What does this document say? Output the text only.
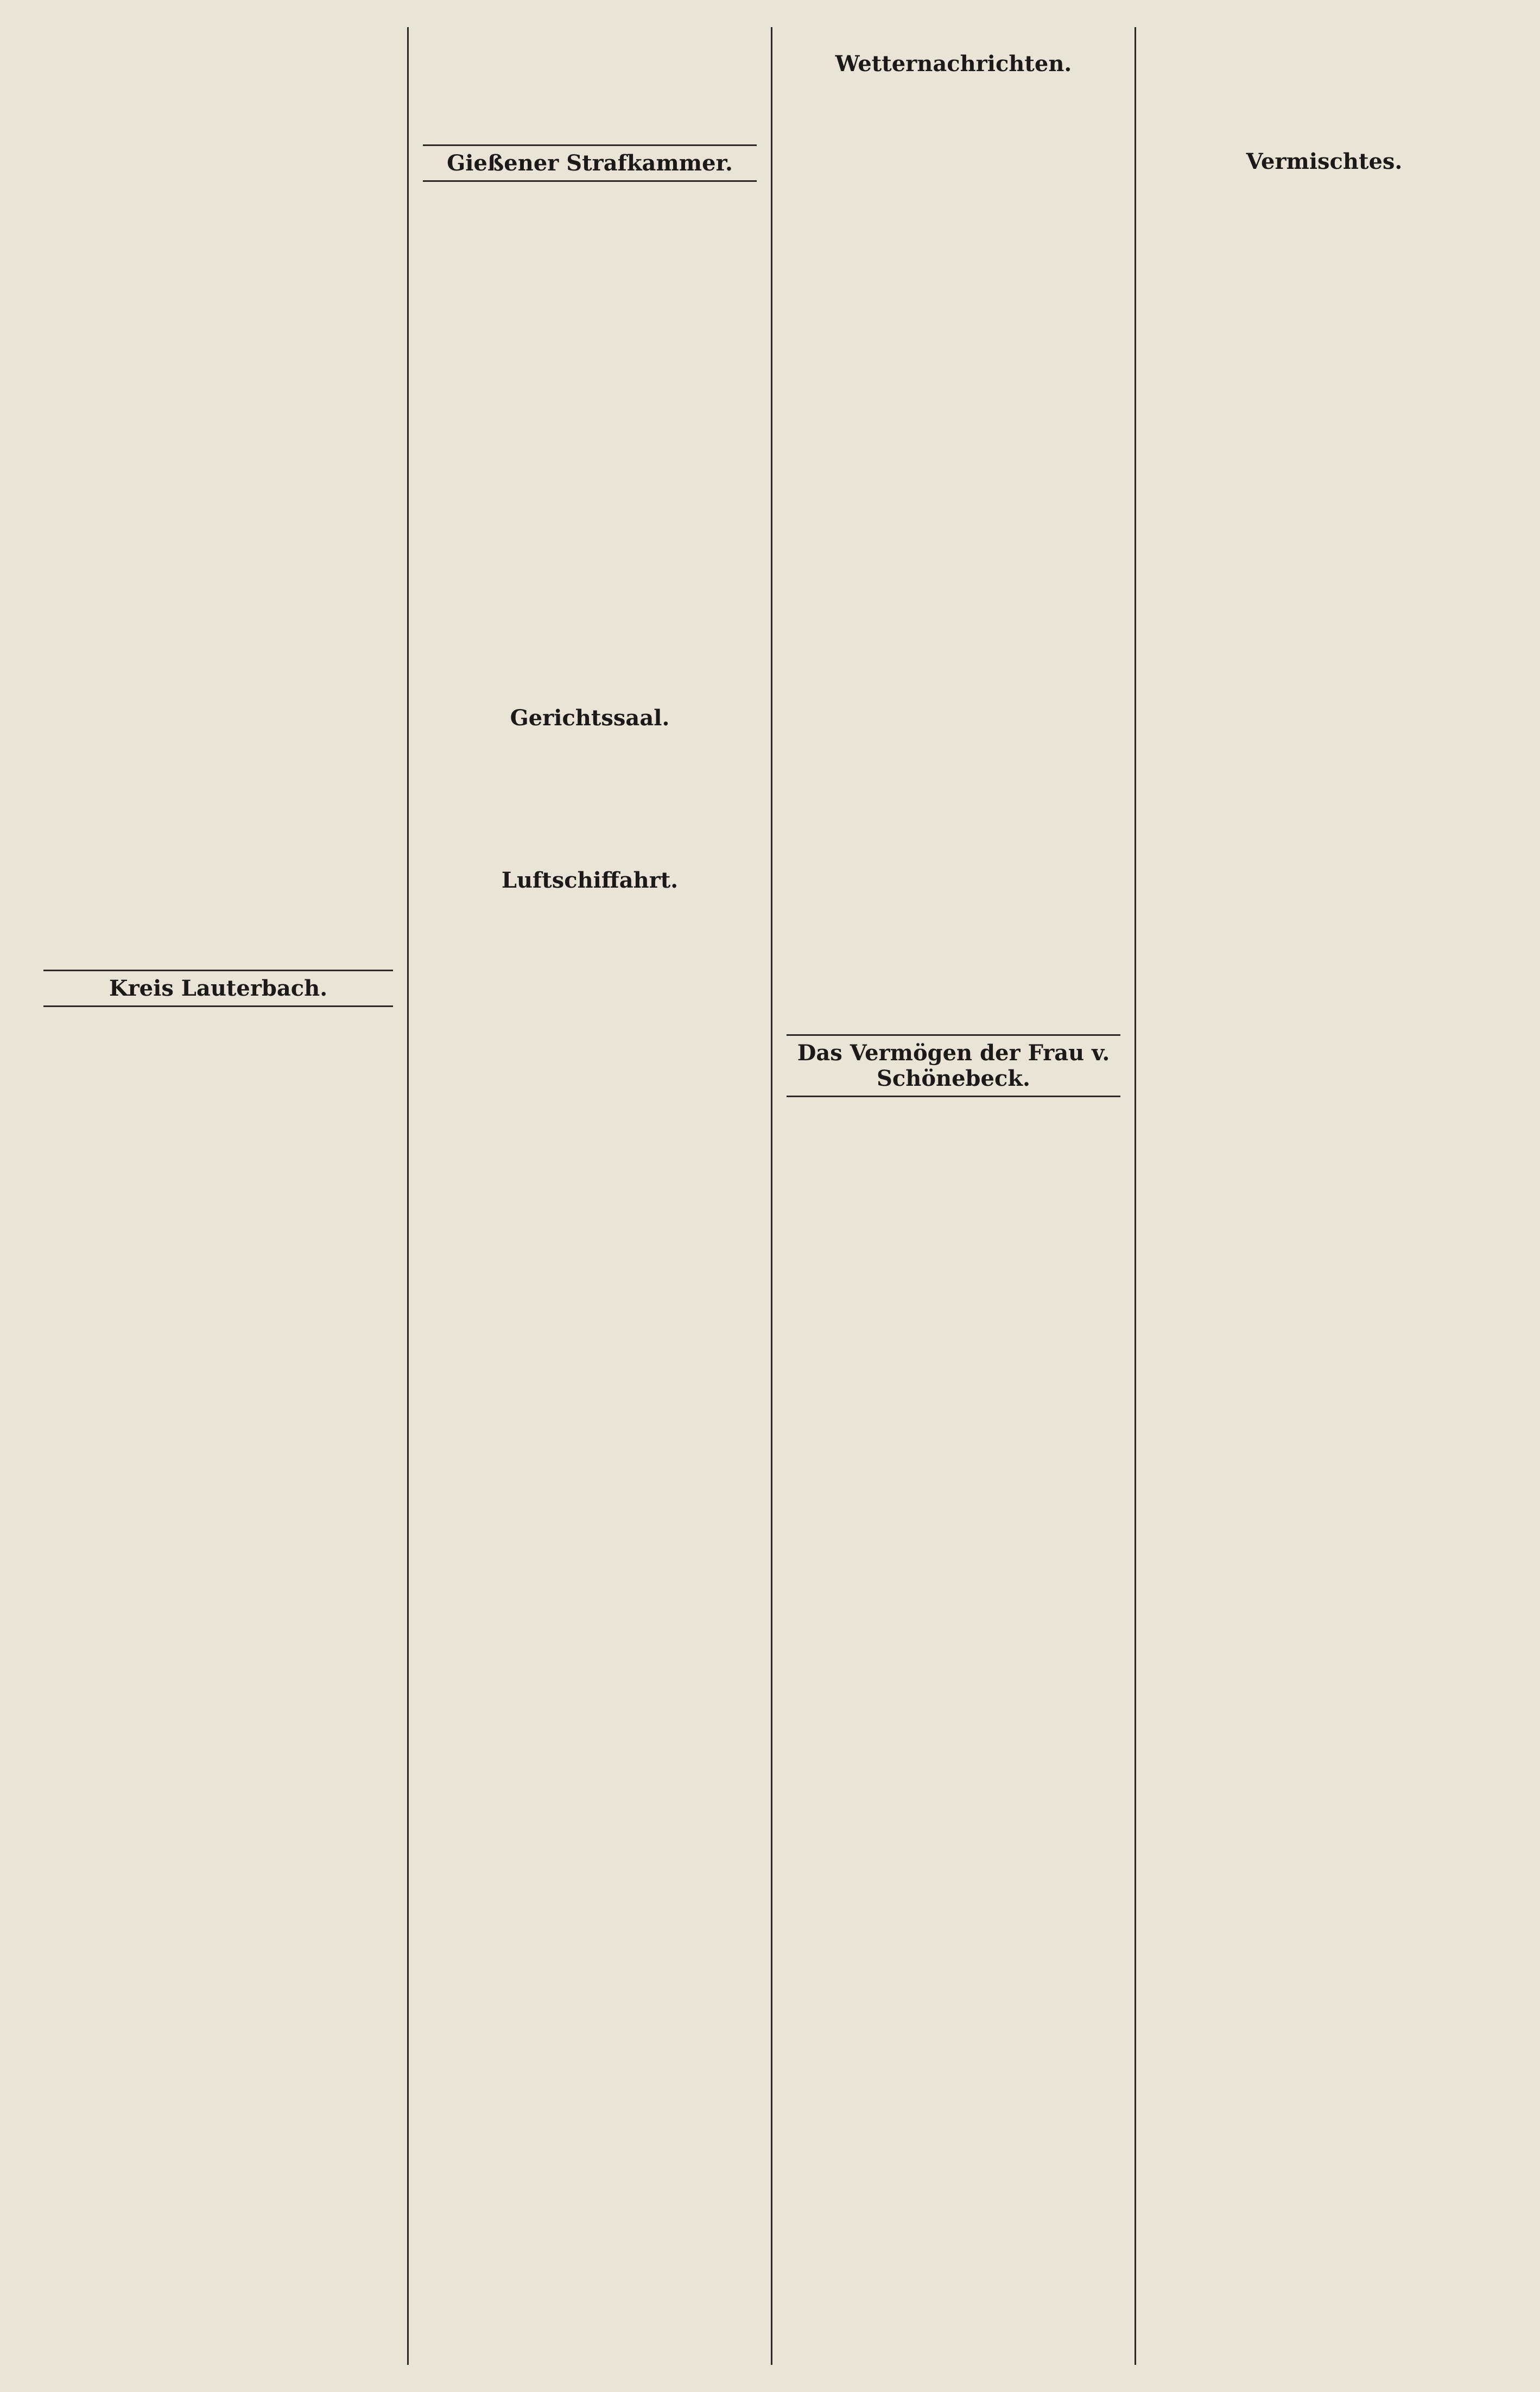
Kreis Lauterbach.
Gießener Strafkammer.
Gerichtssaal.
Luftschiffahrt.
Wetternachrichten.
Das Vermögen der Frau v. Schönebeck.
Vermischtes.
